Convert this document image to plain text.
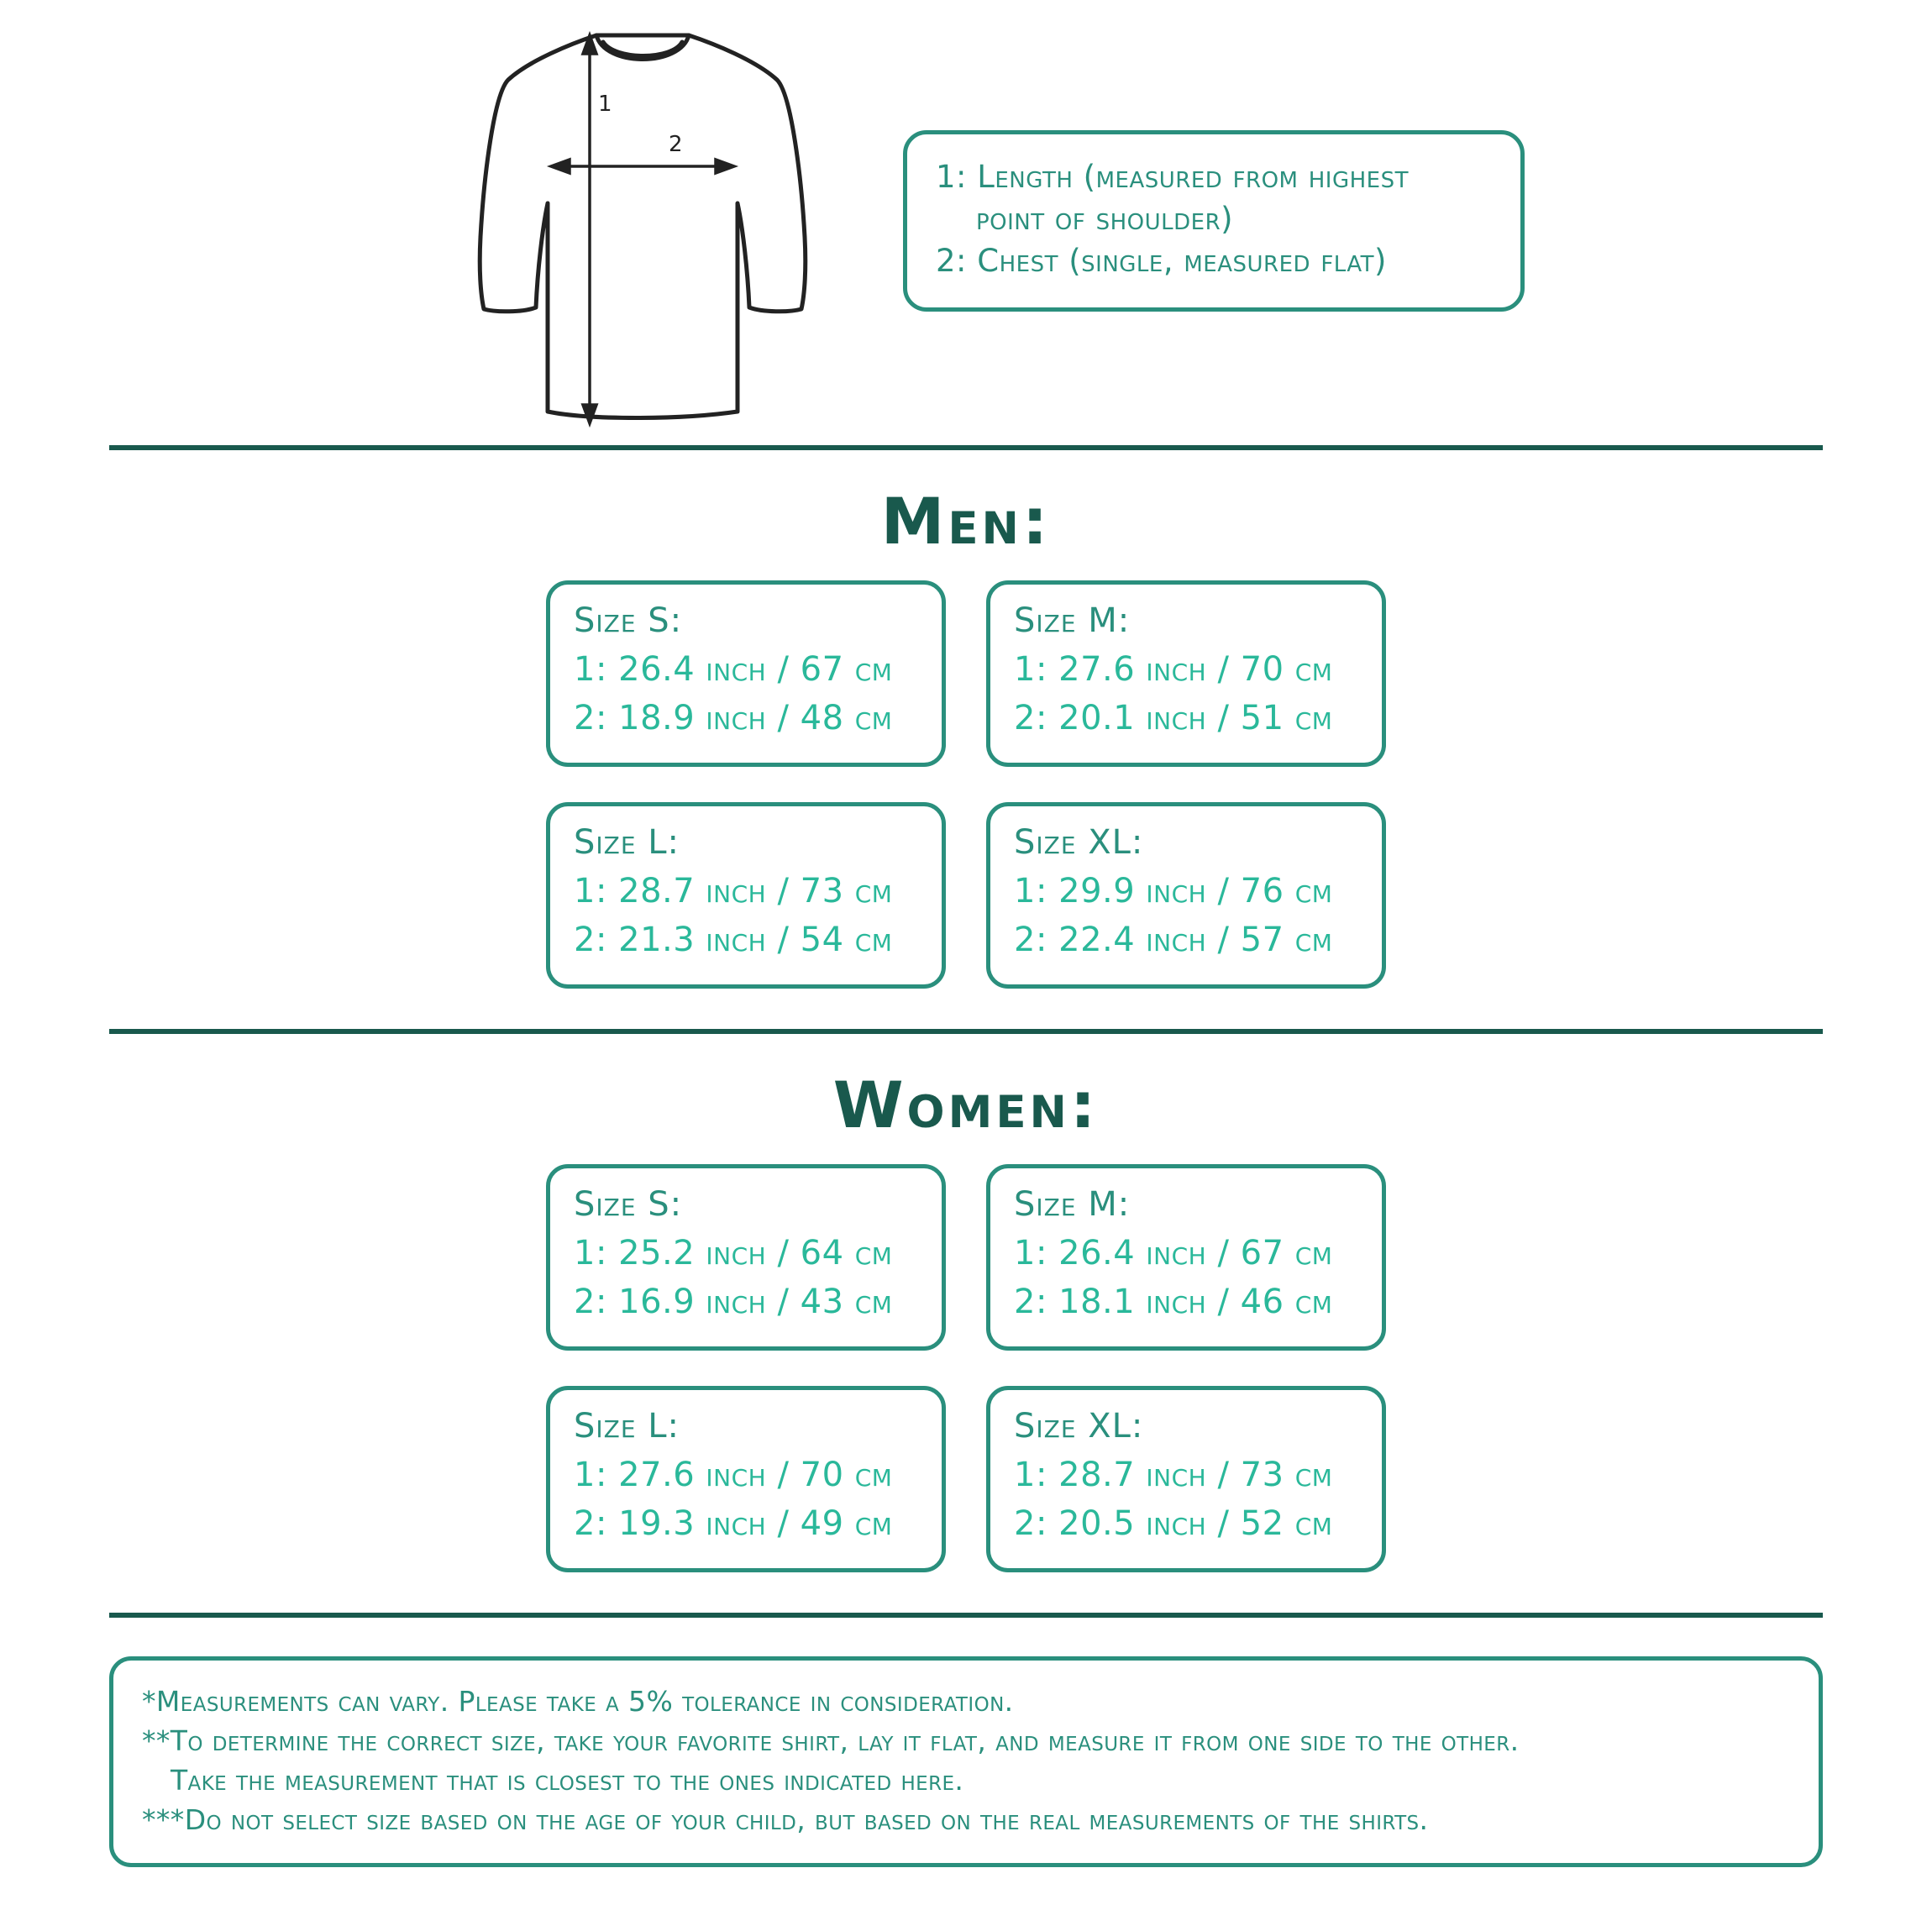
1
2
1: Length (measured from highest
point of shoulder)
2: Chest (single, measured flat)
Men:
Size S:
1: 26.4 inch / 67 cm
2: 18.9 inch / 48 cm
Size M:
1: 27.6 inch / 70 cm
2: 20.1 inch / 51 cm
Size L:
1: 28.7 inch / 73 cm
2: 21.3 inch / 54 cm
Size XL:
1: 29.9 inch / 76 cm
2: 22.4 inch / 57 cm
Women:
Size S:
1: 25.2 inch / 64 cm
2: 16.9 inch / 43 cm
Size M:
1: 26.4 inch / 67 cm
2: 18.1 inch / 46 cm
Size L:
1: 27.6 inch / 70 cm
2: 19.3 inch / 49 cm
Size XL:
1: 28.7 inch / 73 cm
2: 20.5 inch / 52 cm
*Measurements can vary. Please take a 5% tolerance in consideration.
**To determine the correct size, take your favorite shirt, lay it flat, and measure it from one side to the other.
Take the measurement that is closest to the ones indicated here.
***Do not select size based on the age of your child, but based on the real measurements of the shirts.
